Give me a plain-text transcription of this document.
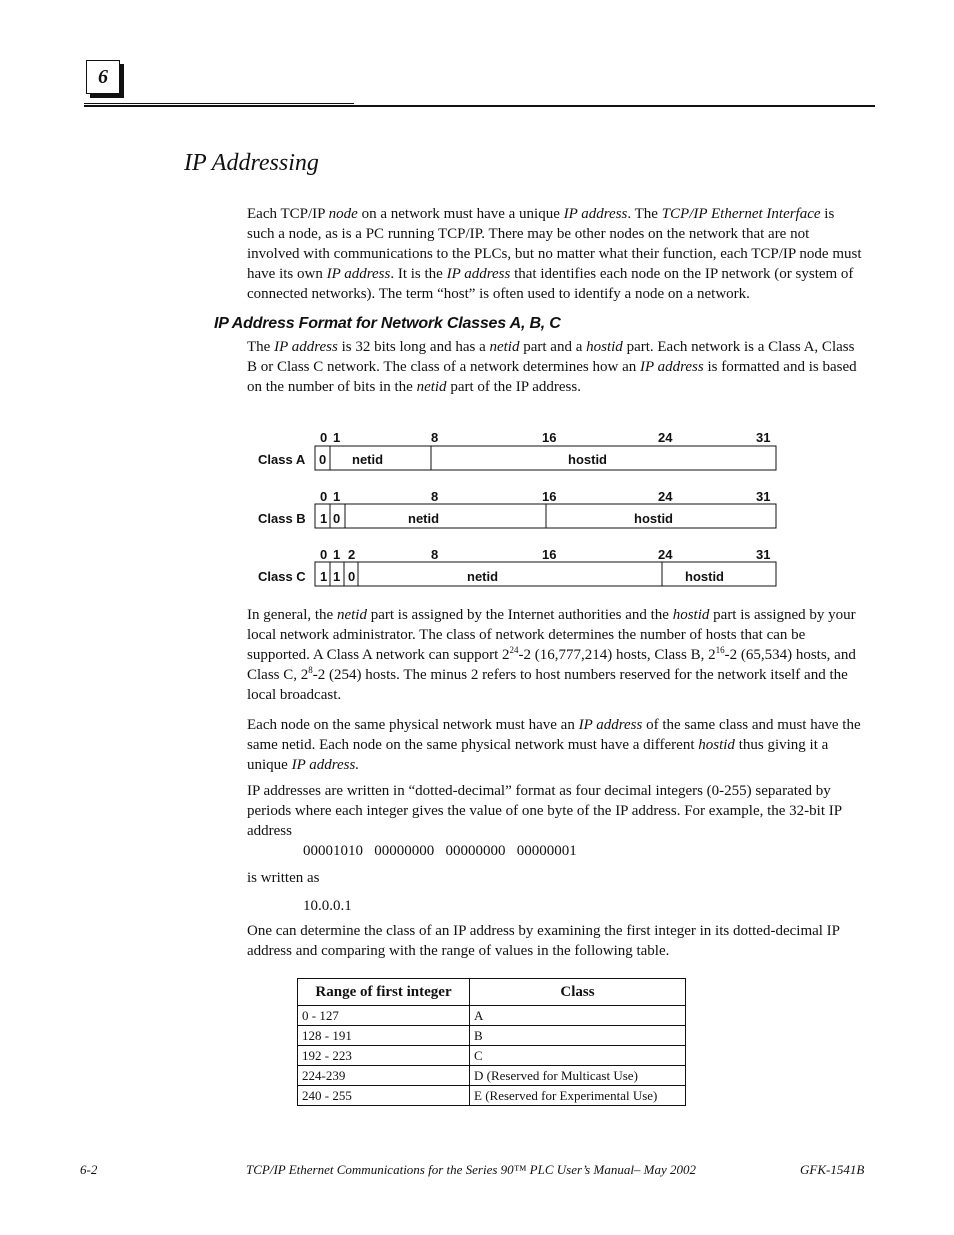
6
IP Addressing

Each TCP/IP node on a network must have a unique IP address. The TCP/IP Ethernet Interface is such a node, as is a PC running TCP/IP. There may be other nodes on the network that are not involved with communications to the PLCs, but no matter what their function, each TCP/IP node must have its own IP address. It is the IP address that identifies each node on the IP network (or system of connected networks). The term “host” is often used to identify a node on a network.

IP Address Format for Network Classes A, B, C

The IP address is 32 bits long and has a netid part and a hostid part. Each network is a Class A, Class B or Class C network. The class of a network determines how an IP address is formatted and is based on the number of bits in the netid part of the IP address.

0 1	8	16	24	31
Class A 0 netid	hostid
0 1	8	16	24	31
Class B 1 0	netid	hostid
0 1 2	8	16	24	31
Class C 1 1 0	netid	hostid

In general, the netid part is assigned by the Internet authorities and the hostid part is assigned by your local network administrator. The class of network determines the number of hosts that can be supported. A Class A network can support $2^{24}-2$ (16,777,214) hosts, Class B, $2^{16}-2$ (65,534) hosts, and Class C, $2^8-2$ (254) hosts. The minus 2 refers to host numbers reserved for the network itself and the local broadcast.

Each node on the same physical network must have an IP address of the same class and must have the same netid. Each node on the same physical network must have a different hostid thus giving it a unique IP address.

IP addresses are written in “dotted-decimal” format as four decimal integers (0-255) separated by periods where each integer gives the value of one byte of the IP address. For example, the 32-bit IP address

00001010   00000000   00000000   00000001

is written as

10.0.0.1

One can determine the class of an IP address by examining the first integer in its dotted-decimal IP address and comparing with the range of values in the following table.

Range of first integer	Class
0 - 127	A
128 - 191	B
192 - 223	C
224-239	D (Reserved for Multicast Use)
240 - 255	E (Reserved for Experimental Use)
6-2	TCP/IP Ethernet Communications for the Series 90™ PLC User’s Manual– May 2002	GFK-1541B
